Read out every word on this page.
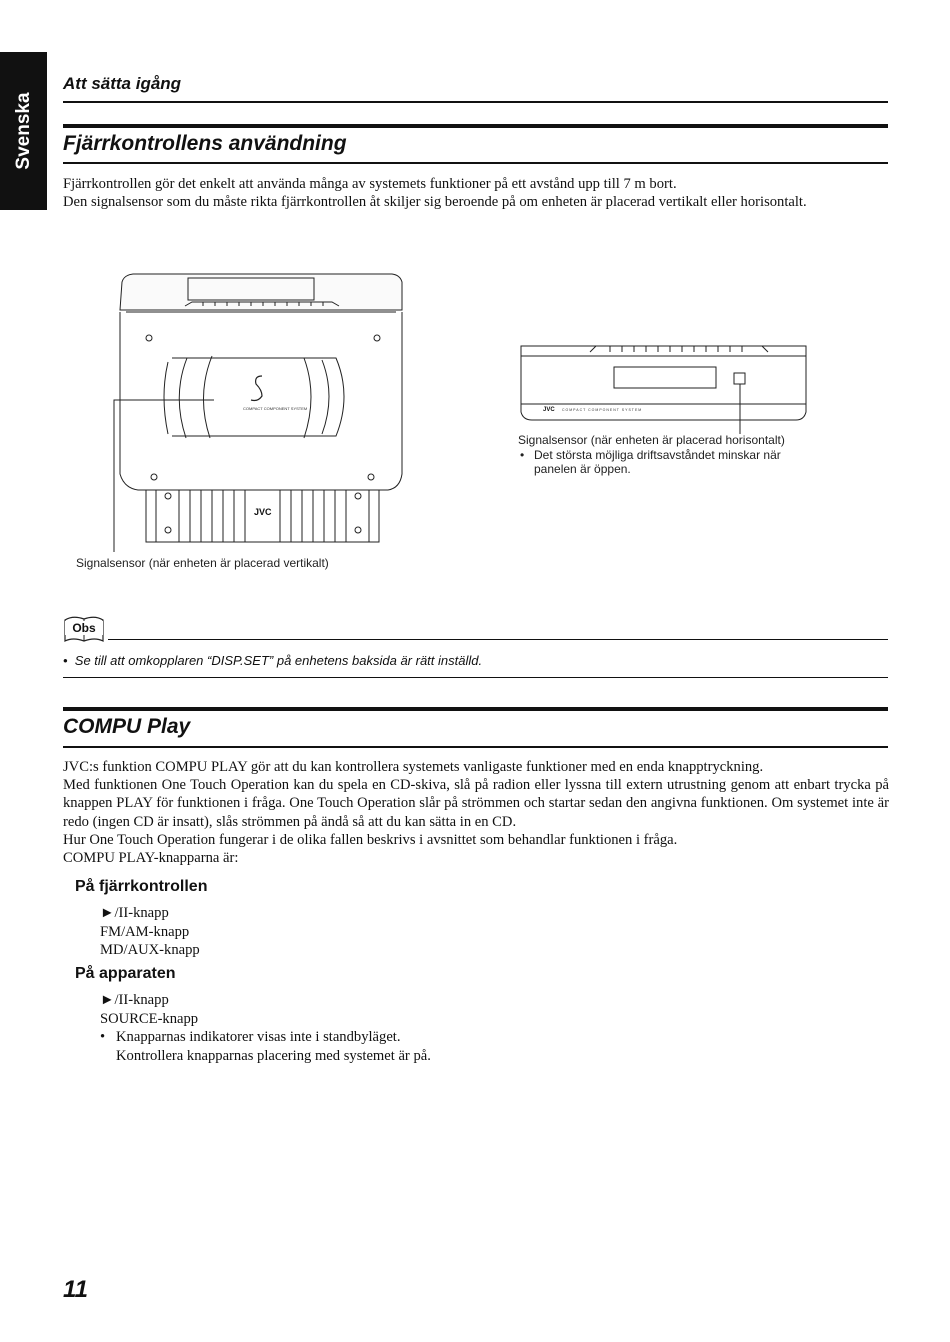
Svenska
Att sätta igång
Fjärrkontrollens användning

Fjärrkontrollen gör det enkelt att använda många av systemets funktioner på ett avstånd upp till 7 m bort.

Den signalsensor som du måste rikta fjärrkontrollen åt skiljer sig beroende på om enheten är placerad vertikalt eller horisontalt.

COMPACT COMPONENT SYSTEM
JVC
Signalsensor (när enheten är placerad vertikalt)
JVC COMPACT COMPONENT SYSTEM
Signalsensor (när enheten är placerad horisontalt)
• Det största möjliga driftsavståndet minskar när panelen är öppen.
Obs
•  Se till att omkopplaren “DISP.SET” på enhetens baksida är rätt inställd.
COMPU Play

JVC:s funktion COMPU PLAY gör att du kan kontrollera systemets vanligaste funktioner med en enda knapptryckning.

Med funktionen One Touch Operation kan du spela en CD-skiva, slå på radion eller lyssna till extern utrustning genom att enbart trycka på knappen PLAY för funktionen i fråga. One Touch Operation slår på strömmen och startar sedan den angivna funktionen. Om systemet inte är redo (ingen CD är insatt), slås strömmen på ändå så att du kan sätta in en CD.

Hur One Touch Operation fungerar i de olika fallen beskrivs i avsnittet som behandlar funktionen i fråga.

COMPU PLAY-knapparna är:

På fjärrkontrollen
►/II-knapp
FM/AM-knapp
MD/AUX-knapp
På apparaten
►/II-knapp
SOURCE-knapp
• Knapparnas indikatorer visas inte i standbyläget.
Kontrollera knapparnas placering med systemet är på.
11
